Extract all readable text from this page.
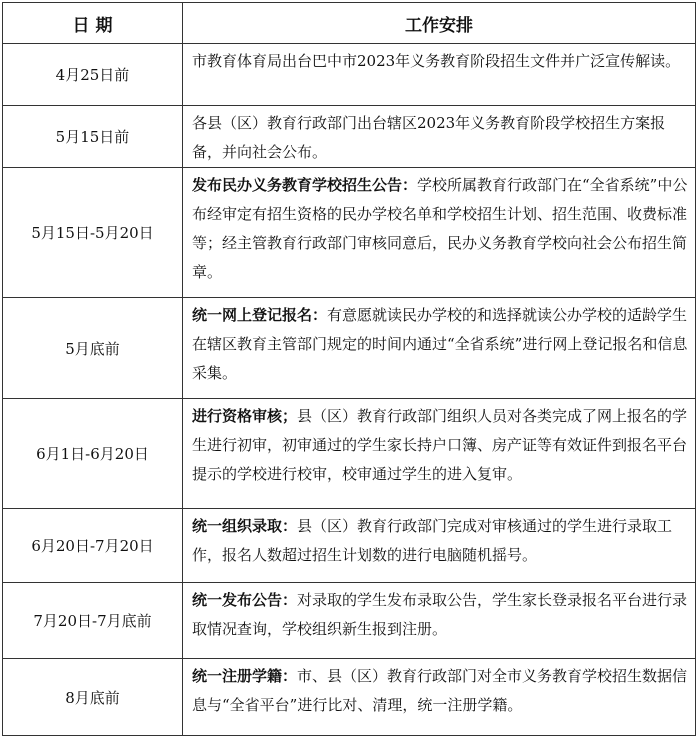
日 期	工作安排
4月25日前	市教育体育局出台巴中市2023年义务教育阶段招生文件并广泛宣传解读。
5月15日前	各县（区）教育行政部门出台辖区2023年义务教育阶段学校招生方案报备，并向社会公布。
5月15日-5月20日	发布民办义务教育学校招生公告：学校所属教育行政部门在“全省系统”中公布经审定有招生资格的民办学校名单和学校招生计划、招生范围、收费标准等；经主管教育行政部门审核同意后，民办义务教育学校向社会公布招生简章。
5月底前	统一网上登记报名：有意愿就读民办学校的和选择就读公办学校的适龄学生在辖区教育主管部门规定的时间内通过“全省系统”进行网上登记报名和信息采集。
6月1日-6月20日	进行资格审核；县（区）教育行政部门组织人员对各类完成了网上报名的学生进行初审，初审通过的学生家长持户口簿、房产证等有效证件到报名平台提示的学校进行校审，校审通过学生的进入复审。
6月20日-7月20日	统一组织录取：县（区）教育行政部门完成对审核通过的学生进行录取工作，报名人数超过招生计划数的进行电脑随机摇号。
7月20日-7月底前	统一发布公告：对录取的学生发布录取公告，学生家长登录报名平台进行录取情况查询，学校组织新生报到注册。
8月底前	统一注册学籍：市、县（区）教育行政部门对全市义务教育学校招生数据信息与“全省平台”进行比对、清理，统一注册学籍。
